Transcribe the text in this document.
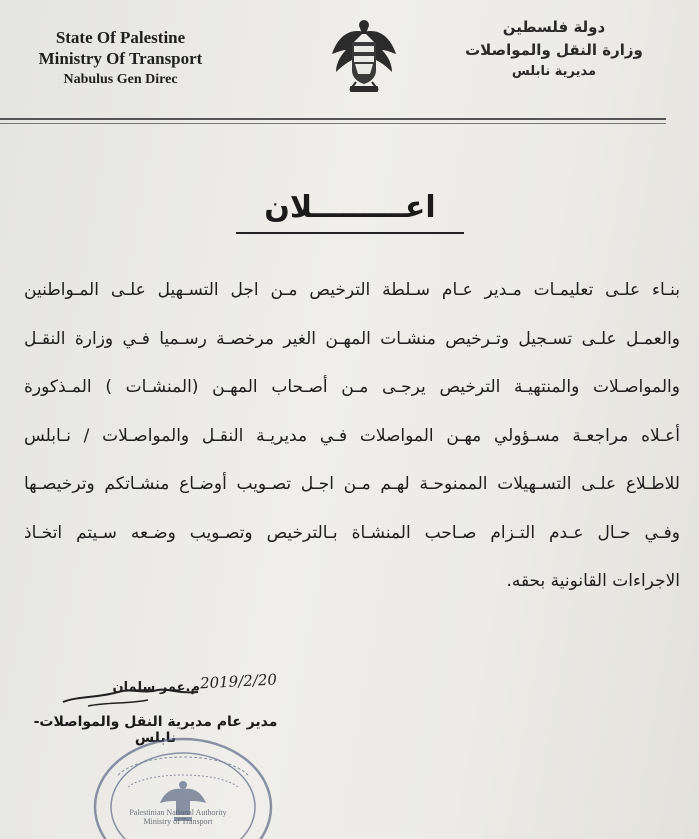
State Of Palestine
Ministry Of Transport
Nabulus Gen Direc
دولة فلسطين
وزارة النقل والمواصلات
مديرية نابلس
اعـــــــــلان
بنـاء علـى تعليمـات مـدير عـام سـلطة الترخيص مـن اجل التسـهيل علـى المـواطنين
والعمـل علـى تسـجيل وتـرخيص منشـات المهـن الغير مرخصـة رسـميا فـي وزارة النقـل
والمواصـلات والمنتهيـة الترخيص يرجـى مـن أصـحاب المهـن (المنشـات ) المـذكورة
أعـلاه مراجعـة مسـؤولي مهـن المواصلات فـي مديريـة النقـل والمواصـلات / نـابلس
للاطـلاع علـى التسـهيلات الممنوحـة لهـم مـن اجـل تصـويب أوضـاع منشـاتكم وترخيصـها
وفـي حـال عـدم التـزام صـاحب المنشـاة بـالترخيص وتصـويب وضـعه سـيتم اتخـاذ
الاجراءات القانونية بحقه.
م.عمر سلمان 2019/2/20
مدير عام مديرية النقل والمواصلات-نابلس
Palestinian National Authority
Ministry of Transport
